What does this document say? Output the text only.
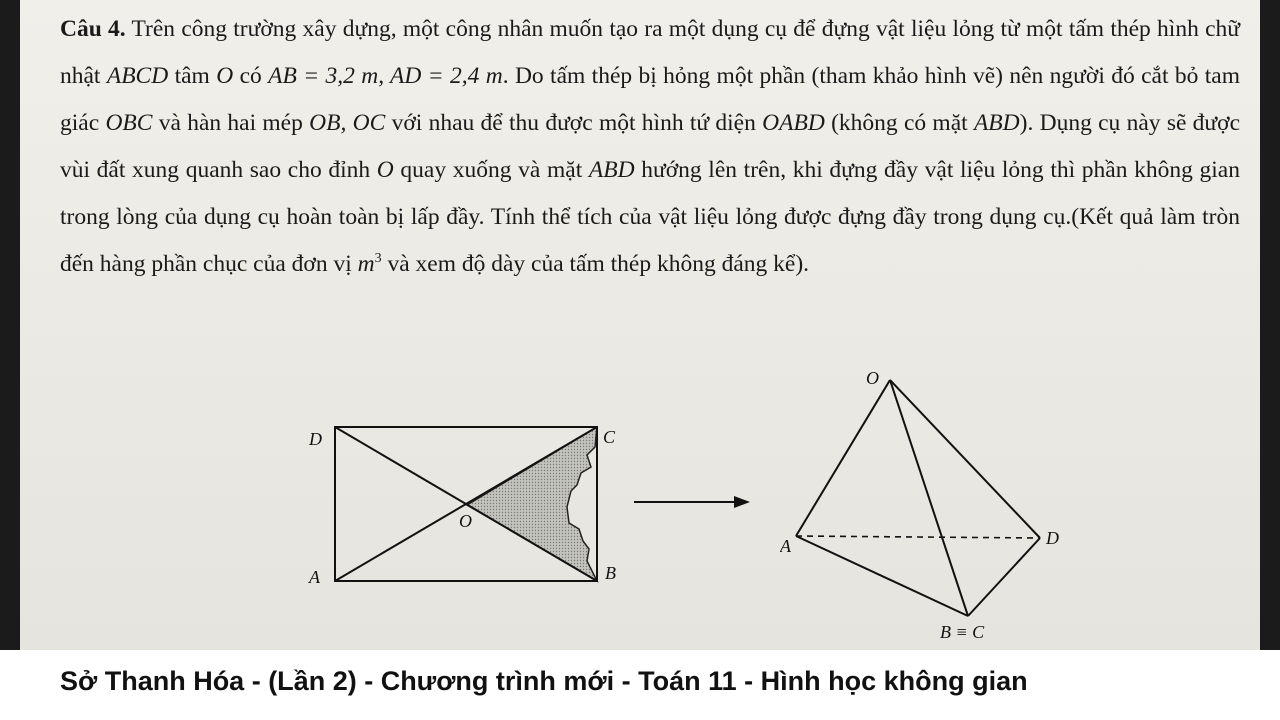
Câu 4. Trên công trường xây dựng, một công nhân muốn tạo ra một dụng cụ để đựng vật liệu lỏng từ một tấm thép hình chữ nhật ABCD tâm O có AB = 3,2 m, AD = 2,4 m. Do tấm thép bị hỏng một phần (tham khảo hình vẽ) nên người đó cắt bỏ tam giác OBC và hàn hai mép OB, OC với nhau để thu được một hình tứ diện OABD (không có mặt ABD). Dụng cụ này sẽ được vùi đất xung quanh sao cho đỉnh O quay xuống và mặt ABD hướng lên trên, khi đựng đầy vật liệu lỏng thì phần không gian trong lòng của dụng cụ hoàn toàn bị lấp đầy. Tính thể tích của vật liệu lỏng được đựng đầy trong dụng cụ.(Kết quả làm tròn đến hàng phần chục của đơn vị $m^3$ và xem độ dày của tấm thép không đáng kể).

D	C
A	B
O
O
A	D
B ≡ C
Sở Thanh Hóa - (Lần 2) - Chương trình mới - Toán 11 - Hình học không gian
